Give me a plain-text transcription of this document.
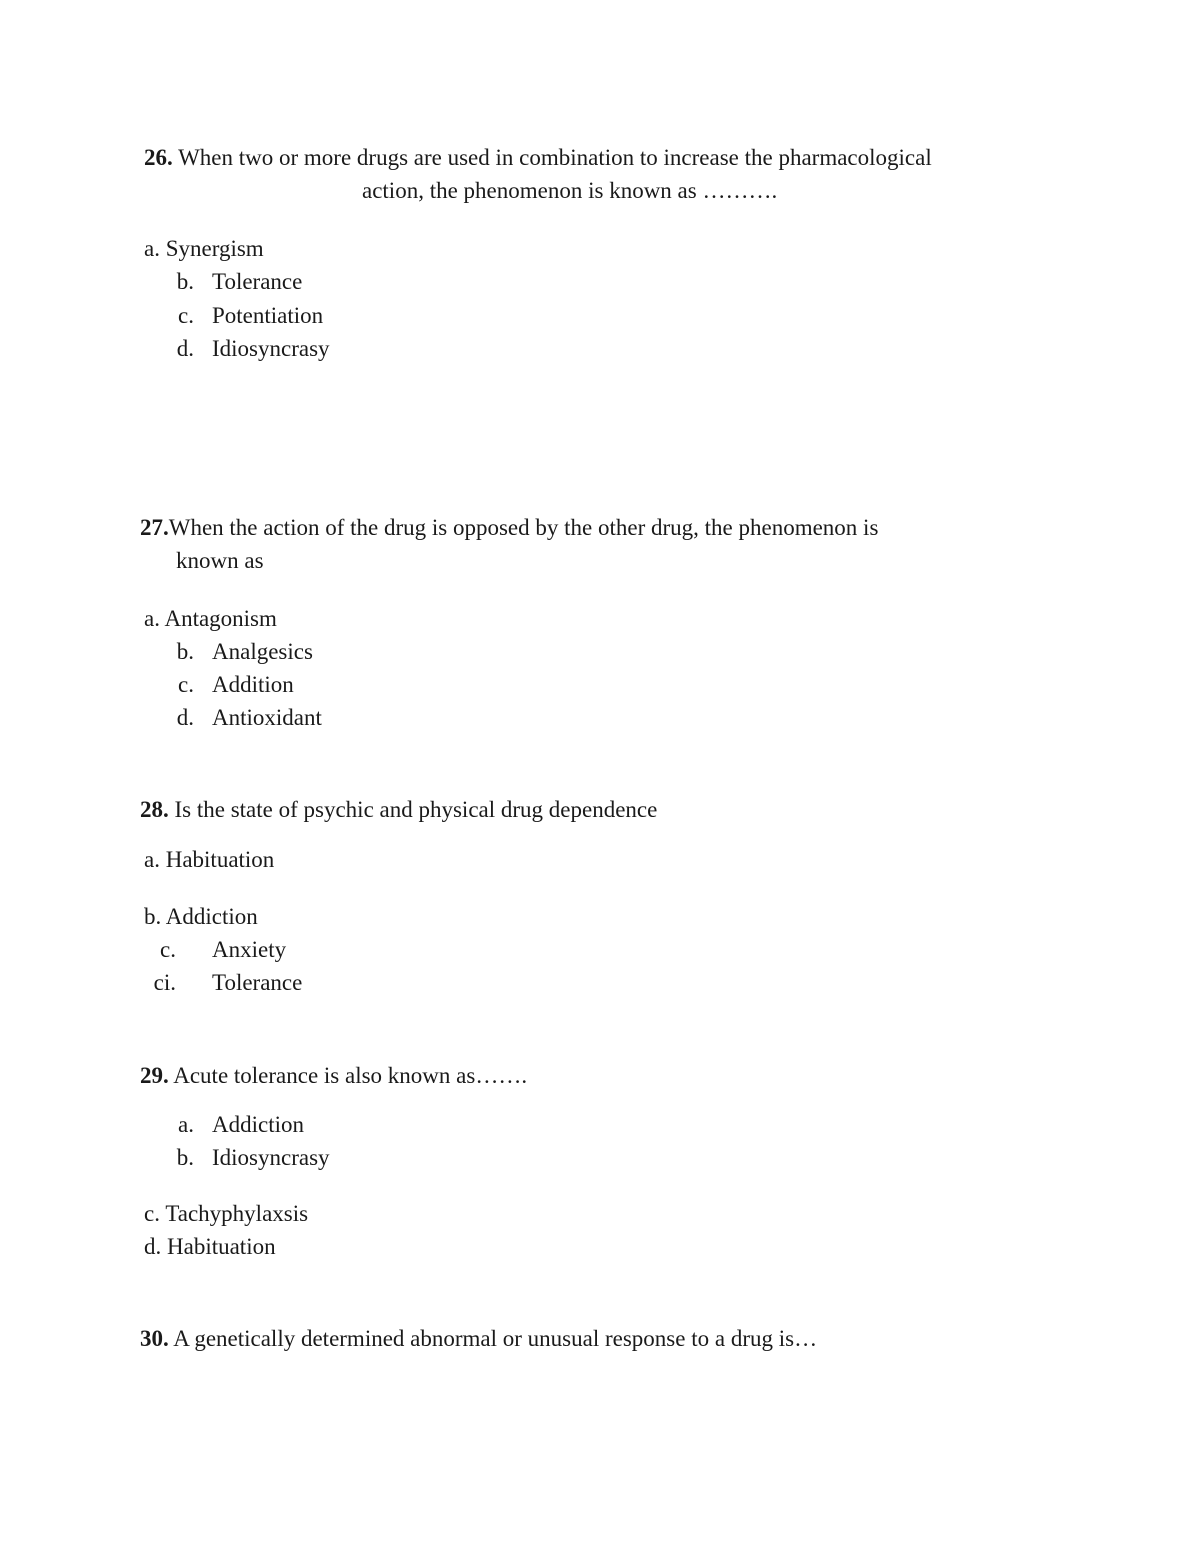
26. When two or more drugs are used in combination to increase the pharmacological
action, the phenomenon is known as ……….
a. Synergism
b. Tolerance
c. Potentiation
d. Idiosyncrasy
27.When the action of the drug is opposed by the other drug, the phenomenon is
known as
a. Antagonism
b. Analgesics
c. Addition
d. Antioxidant
28. Is the state of psychic and physical drug dependence
a. Habituation
b. Addiction
c. Anxiety
ci. Tolerance
29. Acute tolerance is also known as…….
a. Addiction
b. Idiosyncrasy
c. Tachyphylaxsis
d. Habituation
30. A genetically determined abnormal or unusual response to a drug is…
